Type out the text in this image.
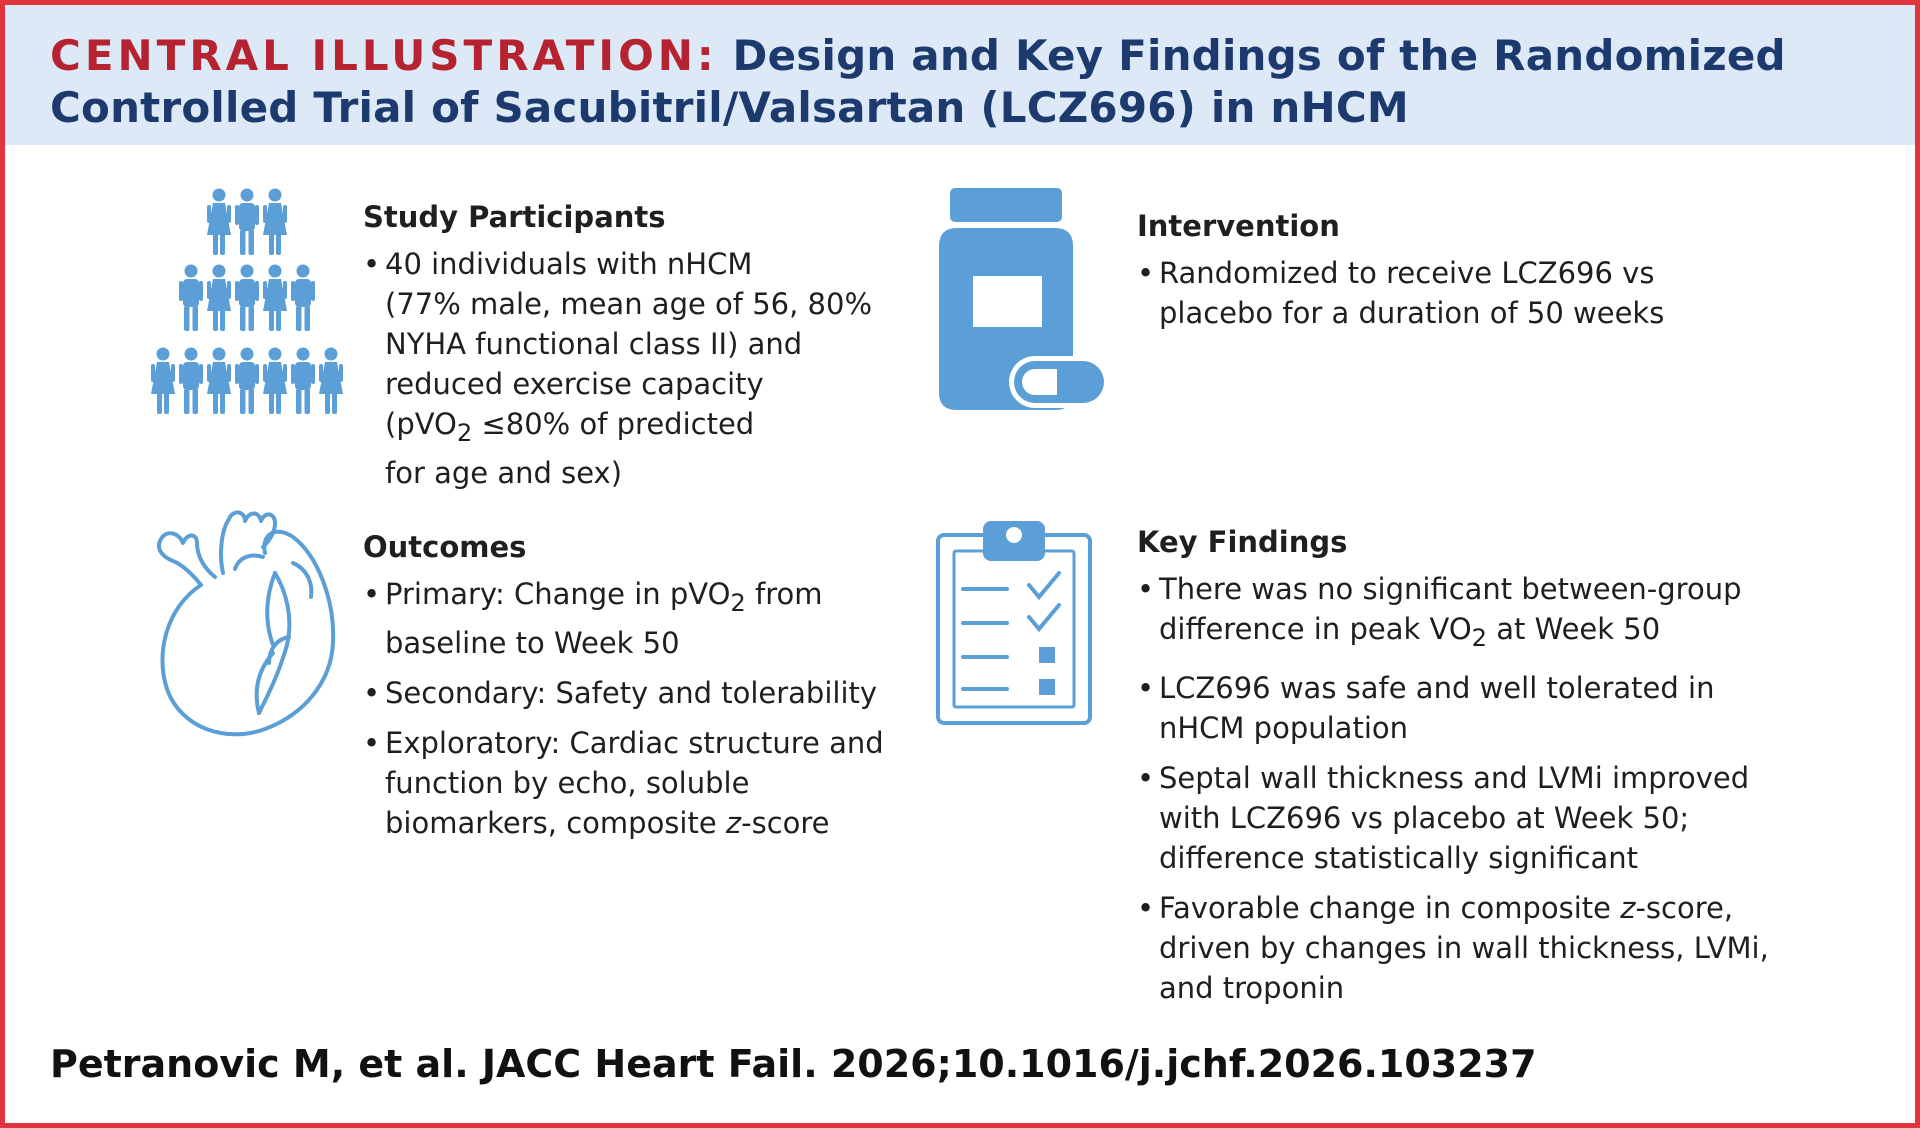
CENTRAL ILLUSTRATION: Design and Key Findings of the Randomized Controlled Trial of Sacubitril/Valsartan (LCZ696) in nHCM
Study Participants
• 40 individuals with nHCM
(77% male, mean age of 56, 80%
NYHA functional class II) and
reduced exercise capacity
(pVO$_2$ ≤80% of predicted
for age and sex)
Intervention
• Randomized to receive LCZ696 vs
placebo for a duration of 50 weeks
Outcomes
• Primary: Change in pVO$_2$ from
baseline to Week 50
• Secondary: Safety and tolerability
• Exploratory: Cardiac structure and
function by echo, soluble
biomarkers, composite z-score
Key Findings
• There was no significant between-group
difference in peak $VO_2$ at Week 50
• LCZ696 was safe and well tolerated in
nHCM population
• Septal wall thickness and LVMi improved
with LCZ696 vs placebo at Week 50;
difference statistically significant
• Favorable change in composite z-score,
driven by changes in wall thickness, LVMi,
and troponin

Petranovic M, et al. JACC Heart Fail. 2026;10.1016/j.jchf.2026.103237
